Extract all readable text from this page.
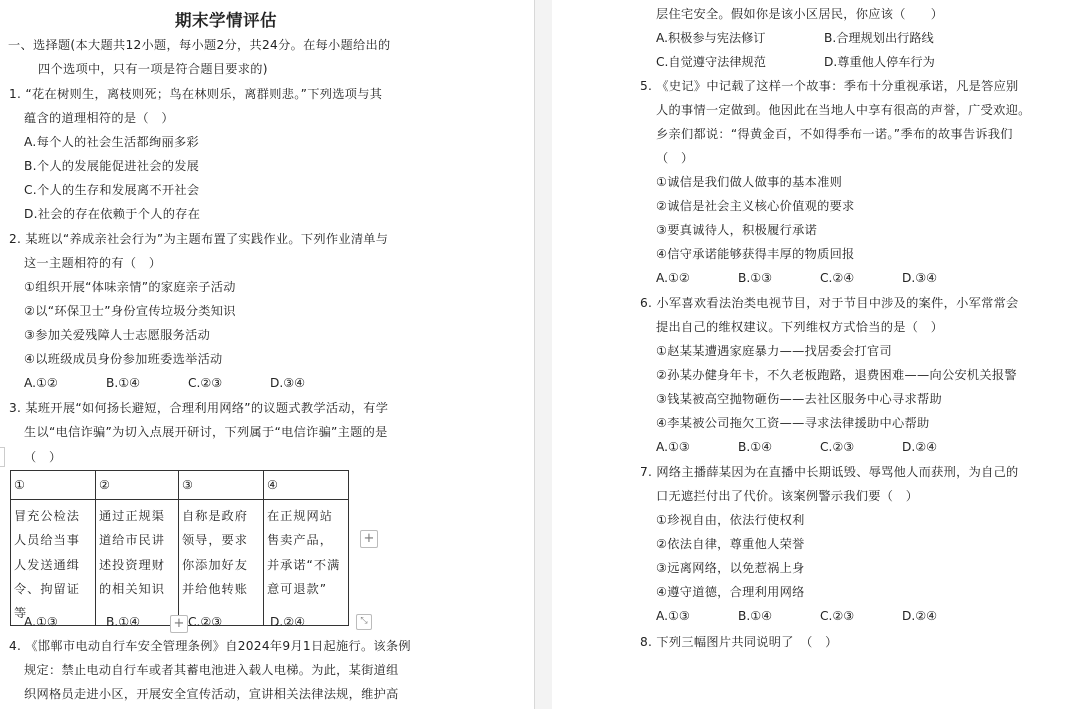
期末学情评估
一、选择题(本大题共12小题，每小题2分，共24分。在每小题给出的
四个选项中，只有一项是符合题目要求的)
1. “花在树则生，离枝则死；鸟在林则乐，离群则悲。”下列选项与其
蕴含的道理相符的是（　）
A.每个人的社会生活都绚丽多彩
B.个人的发展能促进社会的发展
C.个人的生存和发展离不开社会
D.社会的存在依赖于个人的存在
2. 某班以“养成亲社会行为”为主题布置了实践作业。下列作业清单与
这一主题相符的有（　）
①组织开展“体味亲情”的家庭亲子活动
②以“环保卫士”身份宣传垃圾分类知识
③参加关爱残障人士志愿服务活动
④以班级成员身份参加班委选举活动
A.①②	B.①④	C.②③	D.③④
3. 某班开展“如何扬长避短，合理利用网络”的议题式教学活动，有学
生以“电信诈骗”为切入点展开研讨，下列属于“电信诈骗”主题的是
（　）
①	②	③	④
冒充公检法人员给当事人发送通缉令、拘留证等	通过正规渠道给市民讲述投资理财的相关知识	自称是政府领导，要求你添加好友并给他转账	在正规网站售卖产品，并承诺“不满意可退款”
+
A.①③	B.①④	C.②③	D.②④
+	⤡
4. 《邯郸市电动自行车安全管理条例》自2024年9月1日起施行。该条例
规定：禁止电动自行车或者其蓄电池进入载人电梯。为此，某街道组
织网格员走进小区，开展安全宣传活动，宣讲相关法律法规，维护高
层住宅安全。假如你是该小区居民，你应该（　　）
A.积极参与宪法修订	B.合理规划出行路线
C.自觉遵守法律规范	D.尊重他人停车行为
5. 《史记》中记载了这样一个故事：季布十分重视承诺，凡是答应别
人的事情一定做到。他因此在当地人中享有很高的声誉，广受欢迎。
乡亲们都说：“得黄金百，不如得季布一诺。”季布的故事告诉我们
（　）
①诚信是我们做人做事的基本准则
②诚信是社会主义核心价值观的要求
③要真诚待人，积极履行承诺
④信守承诺能够获得丰厚的物质回报
A.①②	B.①③	C.②④	D.③④
6. 小军喜欢看法治类电视节目，对于节目中涉及的案件，小军常常会
提出自己的维权建议。下列维权方式恰当的是（　）
①赵某某遭遇家庭暴力——找居委会打官司
②孙某办健身年卡，不久老板跑路，退费困难——向公安机关报警
③钱某被高空抛物砸伤——去社区服务中心寻求帮助
④李某被公司拖欠工资——寻求法律援助中心帮助
A.①③	B.①④	C.②③	D.②④
7. 网络主播薛某因为在直播中长期诋毁、辱骂他人而获刑，为自己的
口无遮拦付出了代价。该案例警示我们要（　）
①珍视自由，依法行使权利
②依法自律，尊重他人荣誉
③远离网络，以免惹祸上身
④遵守道德，合理利用网络
A.①③	B.①④	C.②③	D.②④
8. 下列三幅图片共同说明了　（　）
